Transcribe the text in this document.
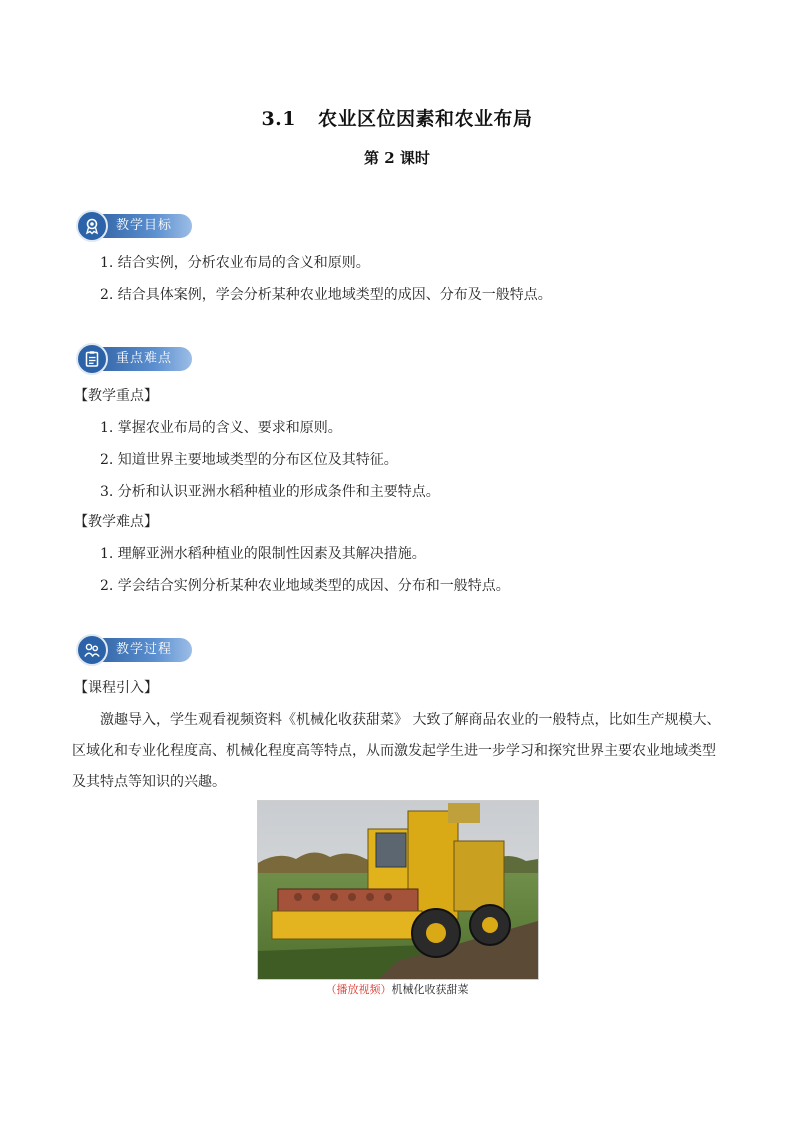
3.1 农业区位因素和农业布局
第 2 课时
教学目标
1. 结合实例，分析农业布局的含义和原则。
2. 结合具体案例，学会分析某种农业地域类型的成因、分布及一般特点。
重点难点
【教学重点】
1. 掌握农业布局的含义、要求和原则。
2. 知道世界主要地域类型的分布区位及其特征。
3. 分析和认识亚洲水稻种植业的形成条件和主要特点。
【教学难点】
1. 理解亚洲水稻种植业的限制性因素及其解决措施。
2. 学会结合实例分析某种农业地域类型的成因、分布和一般特点。
教学过程
【课程引入】
激趣导入，学生观看视频资料《机械化收获甜菜》 大致了解商品农业的一般特点，比如生产规模大、
区域化和专业化程度高、机械化程度高等特点，从而激发起学生进一步学习和探究世界主要农业地域类型
及其特点等知识的兴趣。
（播放视频）机械化收获甜菜
